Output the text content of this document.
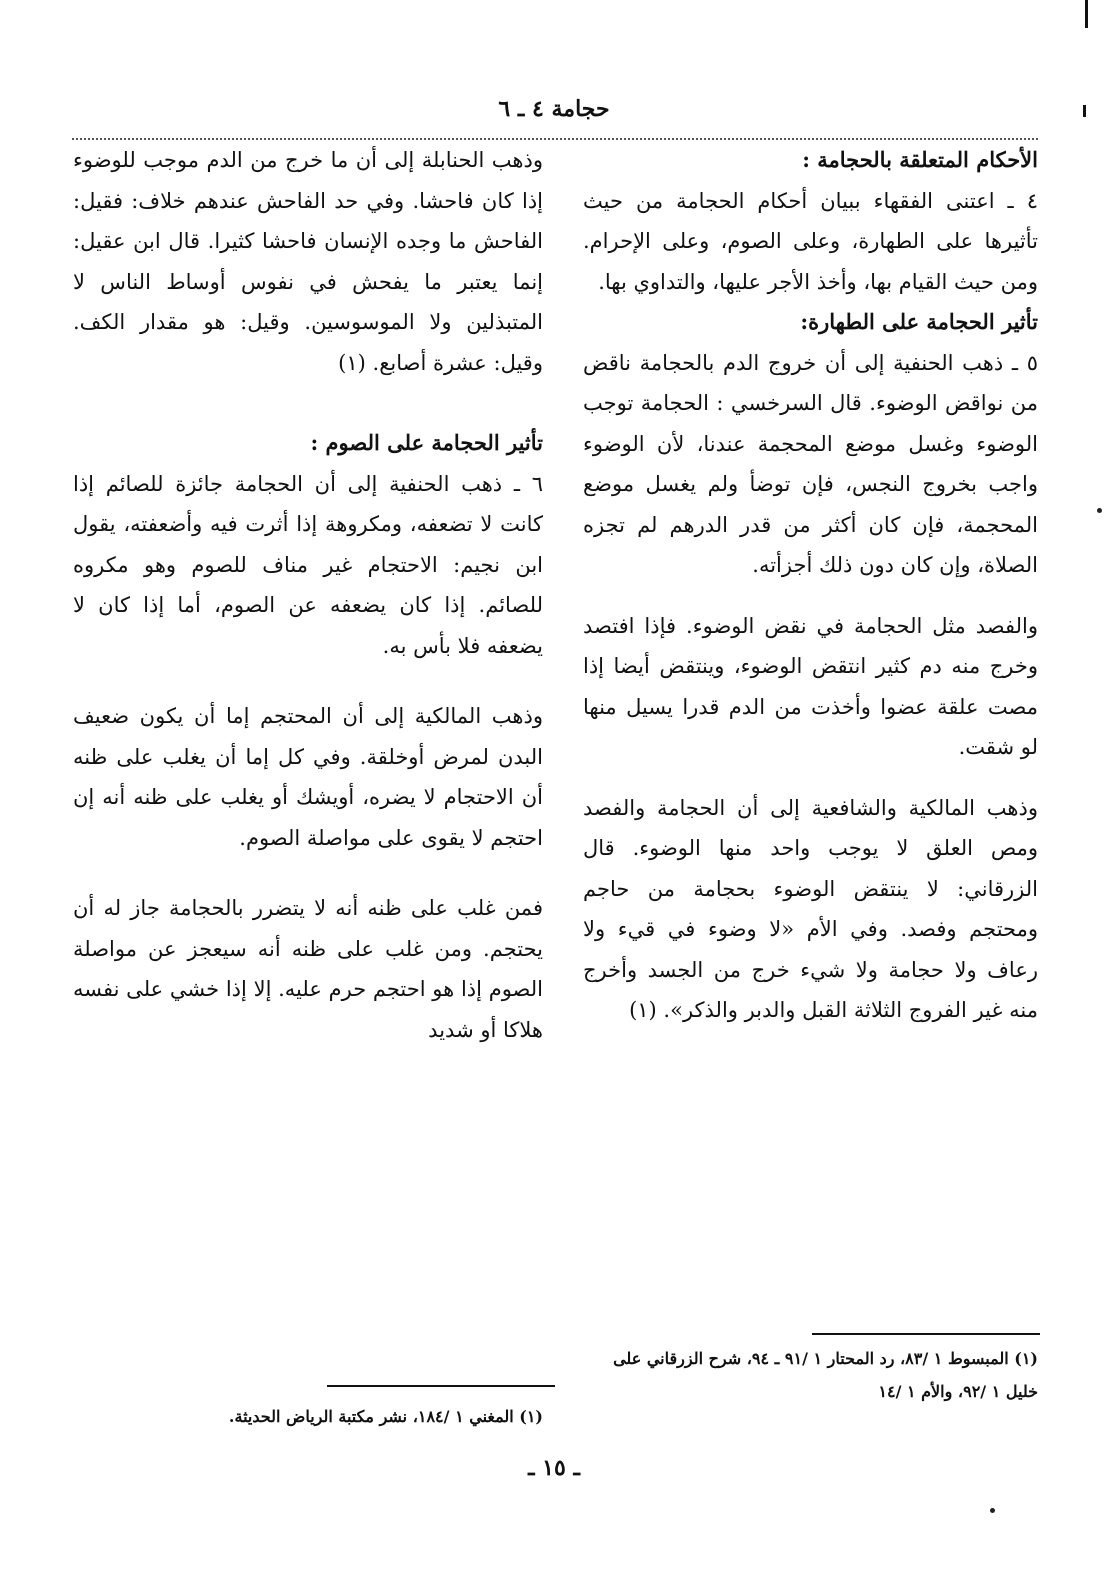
حجامة ٤ ـ ٦

الأحكام المتعلقة بالحجامة :

٤ ـ اعتنى الفقهاء ببيان أحكام الحجامة من حيث تأثيرها على الطهارة، وعلى الصوم، وعلى الإحرام. ومن حيث القيام بها، وأخذ الأجر عليها، والتداوي بها.

تأثير الحجامة على الطهارة:

٥ ـ ذهب الحنفية إلى أن خروج الدم بالحجامة ناقض من نواقض الوضوء. قال السرخسي : الحجامة توجب الوضوء وغسل موضع المحجمة عندنا، لأن الوضوء واجب بخروج النجس، فإن توضأ ولم يغسل موضع المحجمة، فإن كان أكثر من قدر الدرهم لم تجزه الصلاة، وإن كان دون ذلك أجزأته.

والفصد مثل الحجامة في نقض الوضوء. فإذا افتصد وخرج منه دم كثير انتقض الوضوء، وينتقض أيضا إذا مصت علقة عضوا وأخذت من الدم قدرا يسيل منها لو شقت.

وذهب المالكية والشافعية إلى أن الحجامة والفصد ومص العلق لا يوجب واحد منها الوضوء. قال الزرقاني: لا ينتقض الوضوء بحجامة من حاجم ومحتجم وفصد. وفي الأم «لا وضوء في قيء ولا رعاف ولا حجامة ولا شيء خرج من الجسد وأخرج منه غير الفروج الثلاثة القبل والدبر والذكر». (١)

وذهب الحنابلة إلى أن ما خرج من الدم موجب للوضوء إذا كان فاحشا. وفي حد الفاحش عندهم خلاف: فقيل: الفاحش ما وجده الإنسان فاحشا كثيرا. قال ابن عقيل: إنما يعتبر ما يفحش في نفوس أوساط الناس لا المتبذلين ولا الموسوسين. وقيل: هو مقدار الكف. وقيل: عشرة أصابع. (١)

تأثير الحجامة على الصوم :

٦ ـ ذهب الحنفية إلى أن الحجامة جائزة للصائم إذا كانت لا تضعفه، ومكروهة إذا أثرت فيه وأضعفته، يقول ابن نجيم: الاحتجام غير مناف للصوم وهو مكروه للصائم. إذا كان يضعفه عن الصوم، أما إذا كان لا يضعفه فلا بأس به.

وذهب المالكية إلى أن المحتجم إما أن يكون ضعيف البدن لمرض أوخلقة. وفي كل إما أن يغلب على ظنه أن الاحتجام لا يضره، أويشك أو يغلب على ظنه أنه إن احتجم لا يقوى على مواصلة الصوم.

فمن غلب على ظنه أنه لا يتضرر بالحجامة جاز له أن يحتجم. ومن غلب على ظنه أنه سيعجز عن مواصلة الصوم إذا هو احتجم حرم عليه. إلا إذا خشي على نفسه هلاكا أو شديد

(١) المبسوط ١ /٨٣، رد المحتار ١ /٩١ ـ ٩٤، شرح الزرقاني على خليل ١ /٩٢، والأم ١ /١٤
(١) المغني ١ /١٨٤، نشر مكتبة الرياض الحديثة.
ـ ١٥ ـ
